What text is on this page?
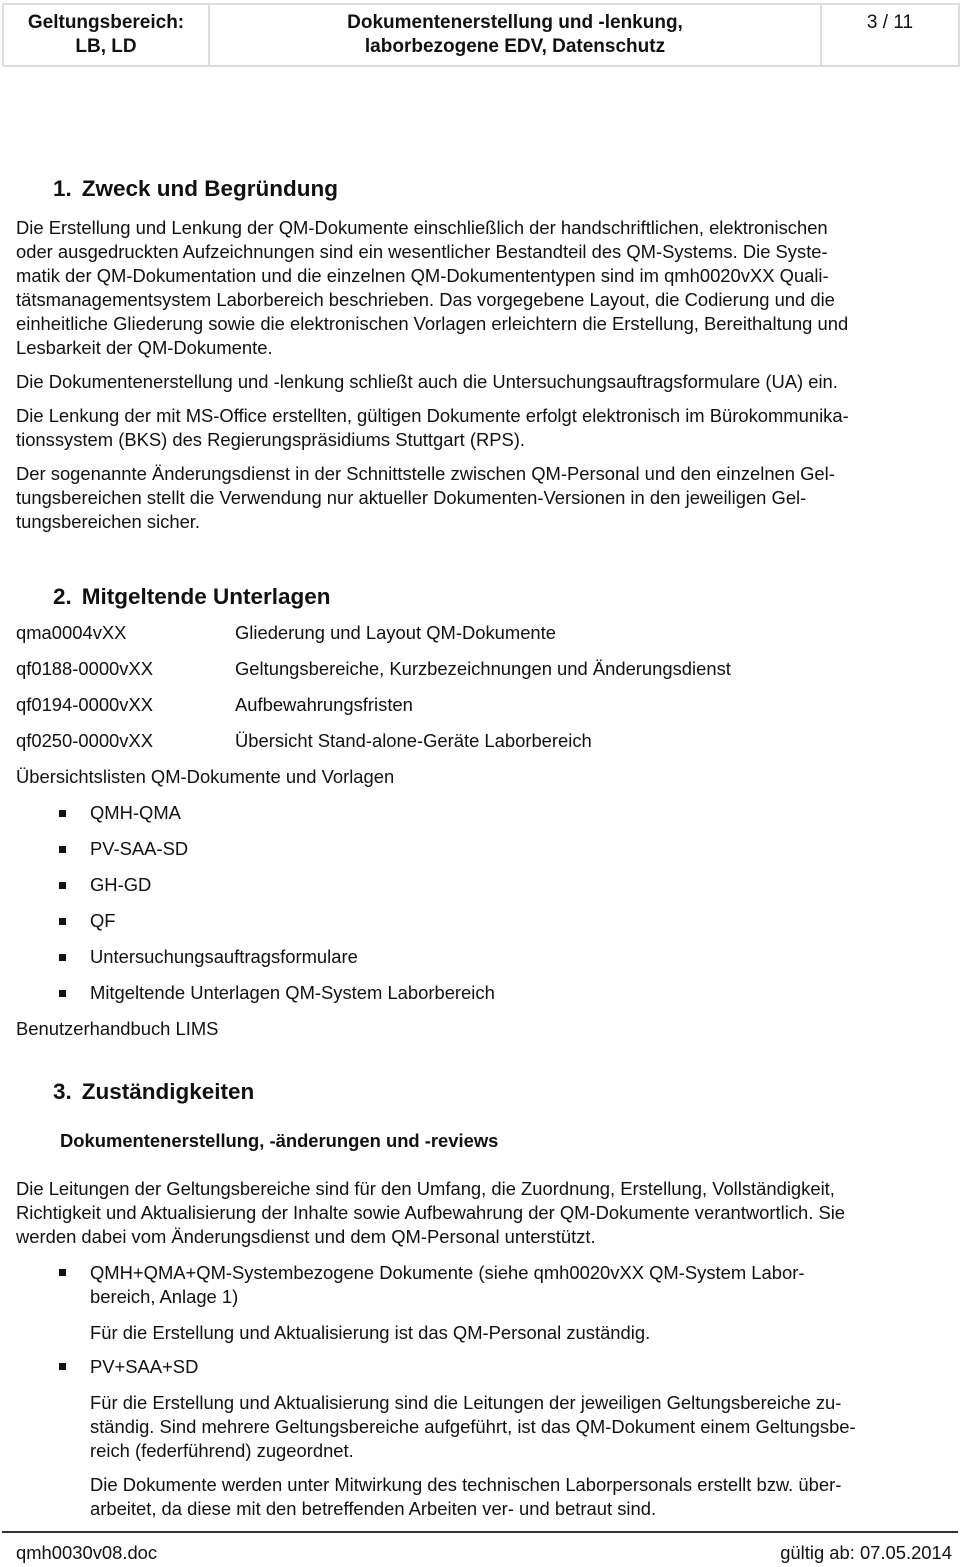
Geltungsbereich:
LB, LD
Dokumentenerstellung und -lenkung,
laborbezogene EDV, Datenschutz
3 / 11
1. Zweck und Begründung

Die Erstellung und Lenkung der QM-Dokumente einschließlich der handschriftlichen, elektronischen
oder ausgedruckten Aufzeichnungen sind ein wesentlicher Bestandteil des QM-Systems. Die Syste-
matik der QM-Dokumentation und die einzelnen QM-Dokumententypen sind im qmh0020vXX Quali-
tätsmanagementsystem Laborbereich beschrieben. Das vorgegebene Layout, die Codierung und die
einheitliche Gliederung sowie die elektronischen Vorlagen erleichtern die Erstellung, Bereithaltung und
Lesbarkeit der QM-Dokumente.

Die Dokumentenerstellung und -lenkung schließt auch die Untersuchungsauftragsformulare (UA) ein.

Die Lenkung der mit MS-Office erstellten, gültigen Dokumente erfolgt elektronisch im Bürokommunika-
tionssystem (BKS) des Regierungspräsidiums Stuttgart (RPS).

Der sogenannte Änderungsdienst in der Schnittstelle zwischen QM-Personal und den einzelnen Gel-
tungsbereichen stellt die Verwendung nur aktueller Dokumenten-Versionen in den jeweiligen Gel-
tungsbereichen sicher.

2. Mitgeltende Unterlagen
qma0004vXX	Gliederung und Layout QM-Dokumente
qf0188-0000vXX	Geltungsbereiche, Kurzbezeichnungen und Änderungsdienst
qf0194-0000vXX	Aufbewahrungsfristen
qf0250-0000vXX	Übersicht Stand-alone-Geräte Laborbereich
Übersichtslisten QM-Dokumente und Vorlagen
QMH-QMA
PV-SAA-SD
GH-GD
QF
Untersuchungsauftragsformulare
Mitgeltende Unterlagen QM-System Laborbereich
Benutzerhandbuch LIMS
3. Zuständigkeiten
Dokumentenerstellung, -änderungen und -reviews

Die Leitungen der Geltungsbereiche sind für den Umfang, die Zuordnung, Erstellung, Vollständigkeit,
Richtigkeit und Aktualisierung der Inhalte sowie Aufbewahrung der QM-Dokumente verantwortlich. Sie
werden dabei vom Änderungsdienst und dem QM-Personal unterstützt.

QMH+QMA+QM-Systembezogene Dokumente (siehe qmh0020vXX QM-System Labor-
bereich, Anlage 1)

Für die Erstellung und Aktualisierung ist das QM-Personal zuständig.

PV+SAA+SD

Für die Erstellung und Aktualisierung sind die Leitungen der jeweiligen Geltungsbereiche zu-
ständig. Sind mehrere Geltungsbereiche aufgeführt, ist das QM-Dokument einem Geltungsbe-
reich (federführend) zugeordnet.

Die Dokumente werden unter Mitwirkung des technischen Laborpersonals erstellt bzw. über-
arbeitet, da diese mit den betreffenden Arbeiten ver- und betraut sind.

qmh0030v08.doc	gültig ab: 07.05.2014
